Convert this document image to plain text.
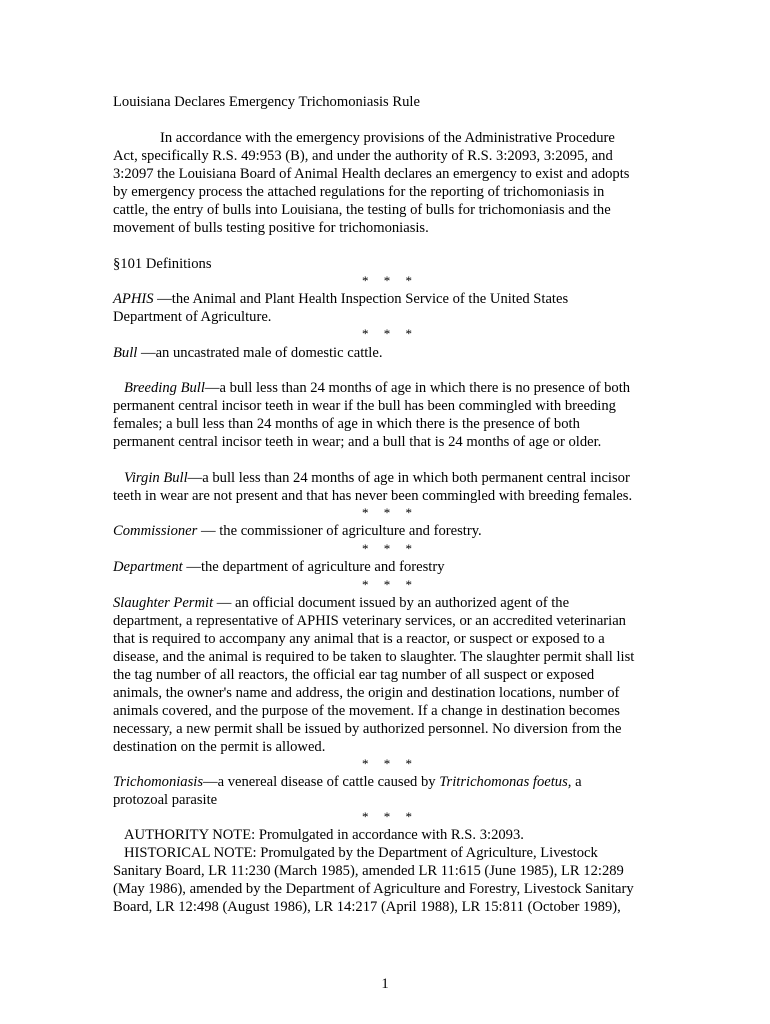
Louisiana Declares Emergency Trichomoniasis Rule

In accordance with the emergency provisions of the Administrative Procedure

Act, specifically R.S. 49:953 (B), and under the authority of R.S. 3:2093, 3:2095, and

3:2097 the Louisiana Board of Animal Health declares an emergency to exist and adopts

by emergency process the attached regulations for the reporting of trichomoniasis in

cattle, the entry of bulls into Louisiana, the testing of bulls for trichomoniasis and the

movement of bulls testing positive for trichomoniasis.

§101 Definitions

* * *

APHIS —the Animal and Plant Health Inspection Service of the United States

Department of Agriculture.

* * *

Bull —an uncastrated male of domestic cattle.

Breeding Bull—a bull less than 24 months of age in which there is no presence of both

permanent central incisor teeth in wear if the bull has been commingled with breeding

females; a bull less than 24 months of age in which there is the presence of both

permanent central incisor teeth in wear; and a bull that is 24 months of age or older.

Virgin Bull—a bull less than 24 months of age in which both permanent central incisor

teeth in wear are not present and that has never been commingled with breeding females.

* * *

Commissioner — the commissioner of agriculture and forestry.

* * *

Department —the department of agriculture and forestry

* * *

Slaughter Permit — an official document issued by an authorized agent of the

department, a representative of APHIS veterinary services, or an accredited veterinarian

that is required to accompany any animal that is a reactor, or suspect or exposed to a

disease, and the animal is required to be taken to slaughter. The slaughter permit shall list

the tag number of all reactors, the official ear tag number of all suspect or exposed

animals, the owner's name and address, the origin and destination locations, number of

animals covered, and the purpose of the movement. If a change in destination becomes

necessary, a new permit shall be issued by authorized personnel. No diversion from the

destination on the permit is allowed.

* * *

Trichomoniasis—a venereal disease of cattle caused by Tritrichomonas foetus, a

protozoal parasite

* * *

AUTHORITY NOTE: Promulgated in accordance with R.S. 3:2093.

HISTORICAL NOTE: Promulgated by the Department of Agriculture, Livestock

Sanitary Board, LR 11:230 (March 1985), amended LR 11:615 (June 1985), LR 12:289

(May 1986), amended by the Department of Agriculture and Forestry, Livestock Sanitary

Board, LR 12:498 (August 1986), LR 14:217 (April 1988), LR 15:811 (October 1989),

1
